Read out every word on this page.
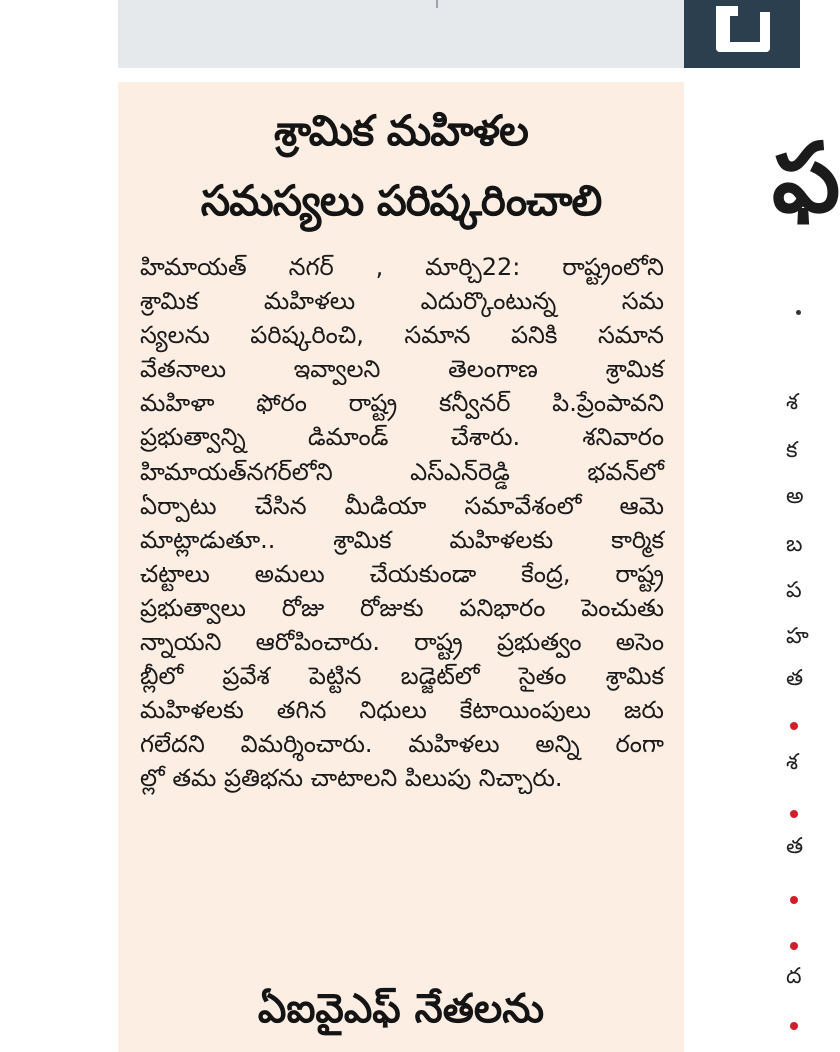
శ్రామిక మహిళల
సమస్యలు పరిష్కరించాలి
హిమాయత్ నగర్ , మార్చి22: రాష్ట్రంలోని
శ్రామిక మహిళలు ఎదుర్కొంటున్న సమ
స్యలను పరిష్కరించి, సమాన పనికి సమాన
వేతనాలు ఇవ్వాలని తెలంగాణ శ్రామిక
మహిళా ఫోరం రాష్ట్ర కన్వీనర్ పి.ప్రేంపావని
ప్రభుత్వాన్ని డిమాండ్ చేశారు. శనివారం
హిమాయత్‌నగర్‌లోని ఎస్ఎన్‌రెడ్డి భవన్‌లో
ఏర్పాటు చేసిన మీడియా సమావేశంలో ఆమె
మాట్లాడుతూ.. శ్రామిక మహిళలకు కార్మిక
చట్టాలు అమలు చేయకుండా కేంద్ర, రాష్ట్ర
ప్రభుత్వాలు రోజు రోజుకు పనిభారం పెంచుతు
న్నాయని ఆరోపించారు. రాష్ట్ర ప్రభుత్వం అసెం
బ్లీలో ప్రవేశ పెట్టిన బడ్జెట్‌లో సైతం శ్రామిక
మహిళలకు తగిన నిధులు కేటాయింపులు జరు
గలేదని విమర్శించారు. మహిళలు అన్ని రంగా
ల్లో తమ ప్రతిభను చాటాలని పిలుపు నిచ్చారు.
ఏఐవైఎఫ్ నేతలను
ఫ
శ
క
అ
బ
ప
హ
త
శ
త
ద
